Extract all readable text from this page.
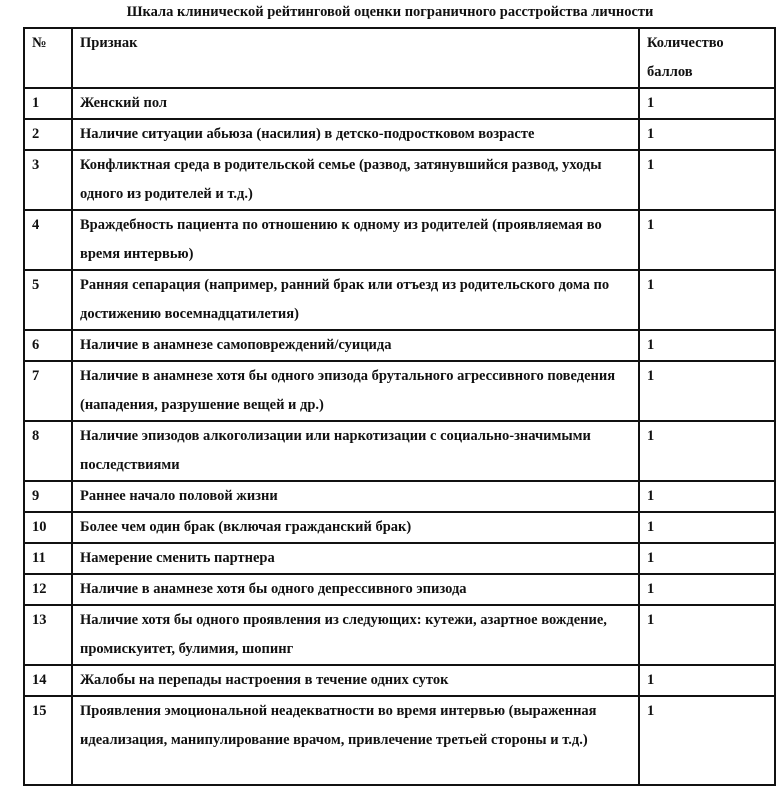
Шкала клинической рейтинговой оценки пограничного расстройства личности
№	Признак	Количество баллов
1	Женский пол	1
2	Наличие ситуации абьюза (насилия) в детско-подростковом возрасте	1
3	Конфликтная среда в родительской семье (развод, затянувшийся развод, уходы одного из родителей и т.д.)	1
4	Враждебность пациента по отношению к одному из родителей (проявляемая во время интервью)	1
5	Ранняя сепарация (например, ранний брак или отъезд из родительского дома по достижению восемнадцатилетия)	1
6	Наличие в анамнезе самоповреждений/суицида	1
7	Наличие в анамнезе хотя бы одного эпизода брутального агрессивного поведения (нападения, разрушение вещей и др.)	1
8	Наличие эпизодов алкоголизации или наркотизации с социально-значимыми последствиями	1
9	Раннее начало половой жизни	1
10	Более чем один брак (включая гражданский брак)	1
11	Намерение сменить партнера	1
12	Наличие в анамнезе хотя бы одного депрессивного эпизода	1
13	Наличие хотя бы одного проявления из следующих: кутежи, азартное вождение, промискуитет, булимия, шопинг	1
14	Жалобы на перепады настроения в течение одних суток	1
15	Проявления эмоциональной неадекватности во время интервью (выраженная идеализация, манипулирование врачом, привлечение третьей стороны и т.д.)	1
